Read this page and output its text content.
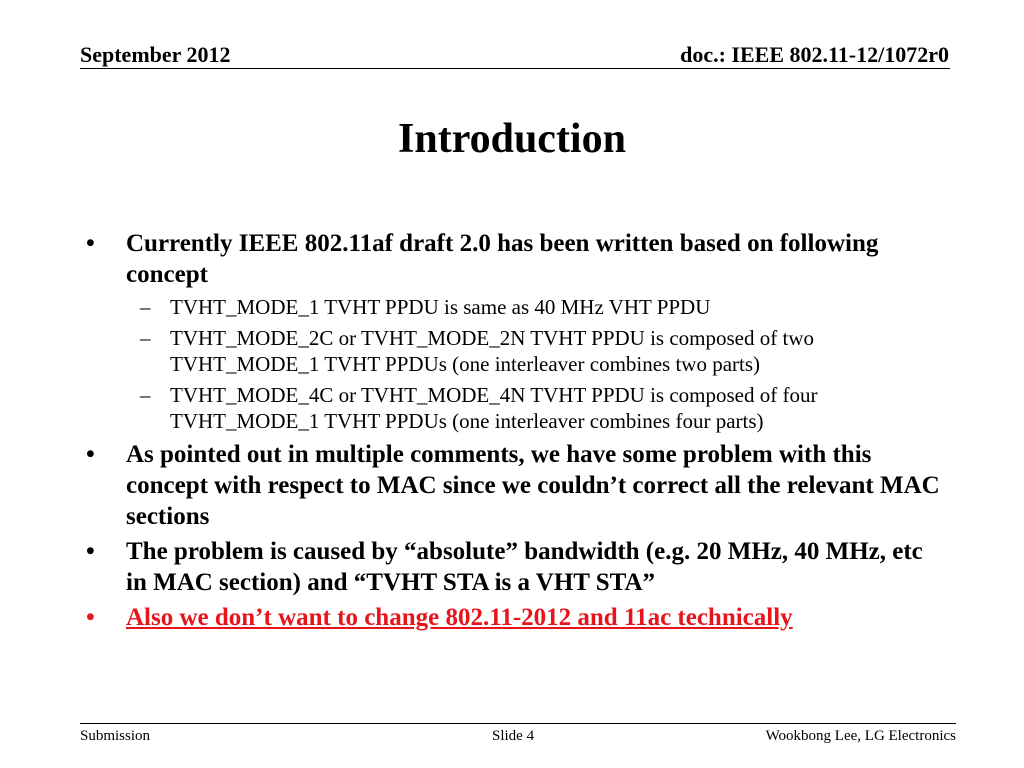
September 2012	doc.: IEEE 802.11-12/1072r0
Introduction
• Currently IEEE 802.11af draft 2.0 has been written based on following concept
– TVHT_MODE_1 TVHT PPDU is same as 40 MHz VHT PPDU
– TVHT_MODE_2C or TVHT_MODE_2N TVHT PPDU is composed of two TVHT_MODE_1 TVHT PPDUs (one interleaver combines two parts)
– TVHT_MODE_4C or TVHT_MODE_4N TVHT PPDU is composed of four TVHT_MODE_1 TVHT PPDUs (one interleaver combines four parts)
• As pointed out in multiple comments, we have some problem with this concept with respect to MAC since we couldn’t correct all the relevant MAC sections
• The problem is caused by “absolute” bandwidth (e.g. 20 MHz, 40 MHz, etc in MAC section) and “TVHT STA is a VHT STA”
• Also we don’t want to change 802.11-2012 and 11ac technically
Submission	Slide 4	Wookbong Lee, LG Electronics
